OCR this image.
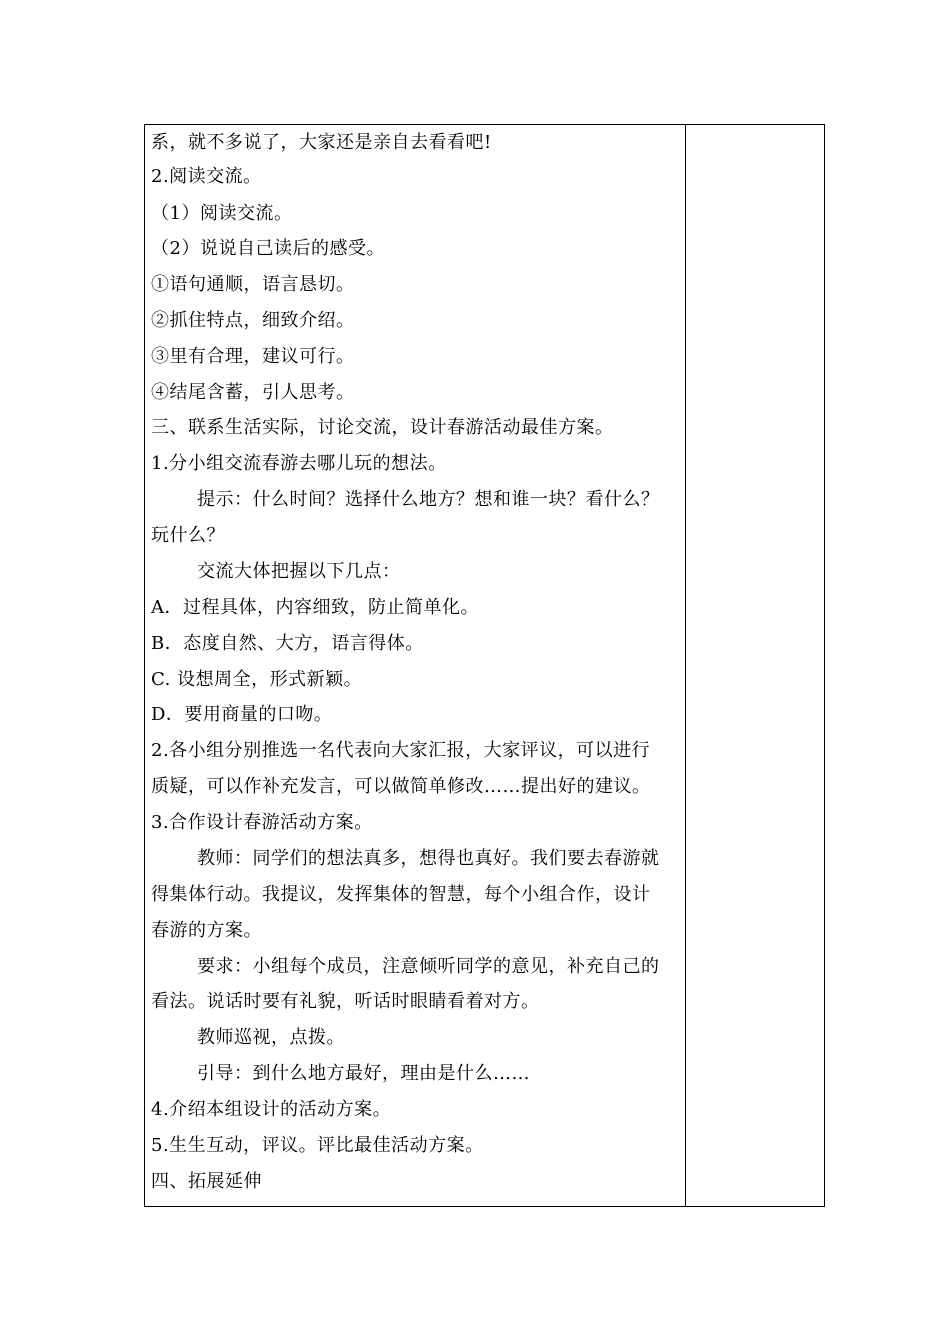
系，就不多说了，大家还是亲自去看看吧!
2.阅读交流。
（1）阅读交流。
（2）说说自己读后的感受。
①语句通顺，语言恳切。
②抓住特点，细致介绍。
③里有合理，建议可行。
④结尾含蓄，引人思考。
三、联系生活实际，讨论交流，设计春游活动最佳方案。
1.分小组交流春游去哪儿玩的想法。
提示：什么时间？选择什么地方？想和谁一块？看什么？
玩什么？
交流大体把握以下几点：
A．过程具体，内容细致，防止简单化。
B．态度自然、大方，语言得体。
C. 设想周全，形式新颖。
D．要用商量的口吻。
2.各小组分别推选一名代表向大家汇报，大家评议，可以进行
质疑，可以作补充发言，可以做简单修改……提出好的建议。
3.合作设计春游活动方案。
教师：同学们的想法真多，想得也真好。我们要去春游就
得集体行动。我提议，发挥集体的智慧，每个小组合作，设计
春游的方案。
要求：小组每个成员，注意倾听同学的意见，补充自己的
看法。说话时要有礼貌，听话时眼睛看着对方。
教师巡视，点拨。
引导：到什么地方最好，理由是什么……
4.介绍本组设计的活动方案。
5.生生互动，评议。评比最佳活动方案。
四、拓展延伸
